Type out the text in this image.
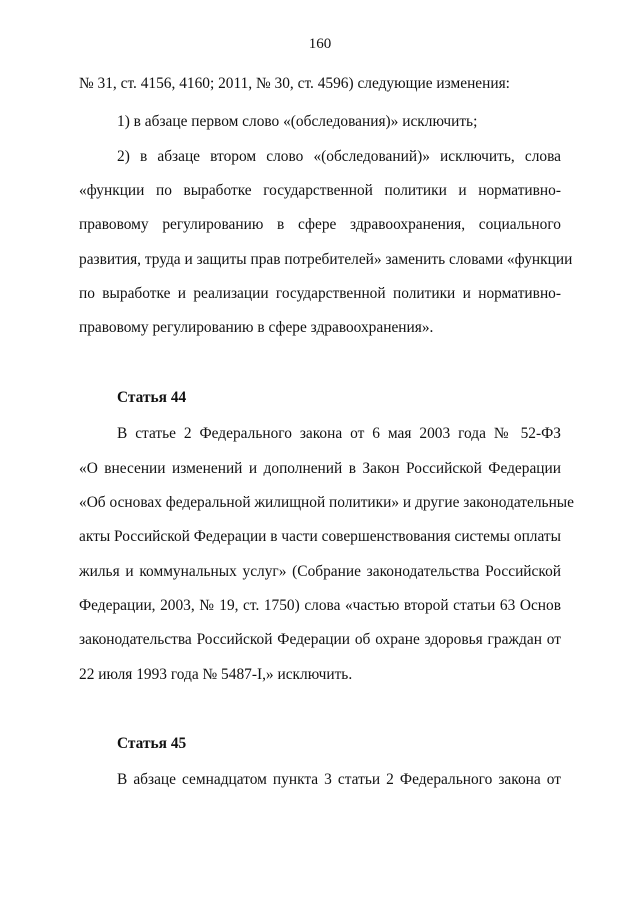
160
№ 31, ст. 4156, 4160; 2011, № 30, ст. 4596) следующие изменения:
1) в абзаце первом слово «(обследования)» исключить;
2) в абзаце втором слово «(обследований)» исключить, слова
«функции по выработке государственной политики и нормативно-
правовому регулированию в сфере здравоохранения, социального
развития, труда и защиты прав потребителей» заменить словами «функции
по выработке и реализации государственной политики и нормативно-
правовому регулированию в сфере здравоохранения».
Статья 44
В статье 2 Федерального закона от 6 мая 2003 года № 52-ФЗ
«О внесении изменений и дополнений в Закон Российской Федерации
«Об основах федеральной жилищной политики» и другие законодательные
акты Российской Федерации в части совершенствования системы оплаты
жилья и коммунальных услуг» (Собрание законодательства Российской
Федерации, 2003, № 19, ст. 1750) слова «частью второй статьи 63 Основ
законодательства Российской Федерации об охране здоровья граждан от
22 июля 1993 года № 5487-I,» исключить.
Статья 45
В абзаце семнадцатом пункта 3 статьи 2 Федерального закона от
